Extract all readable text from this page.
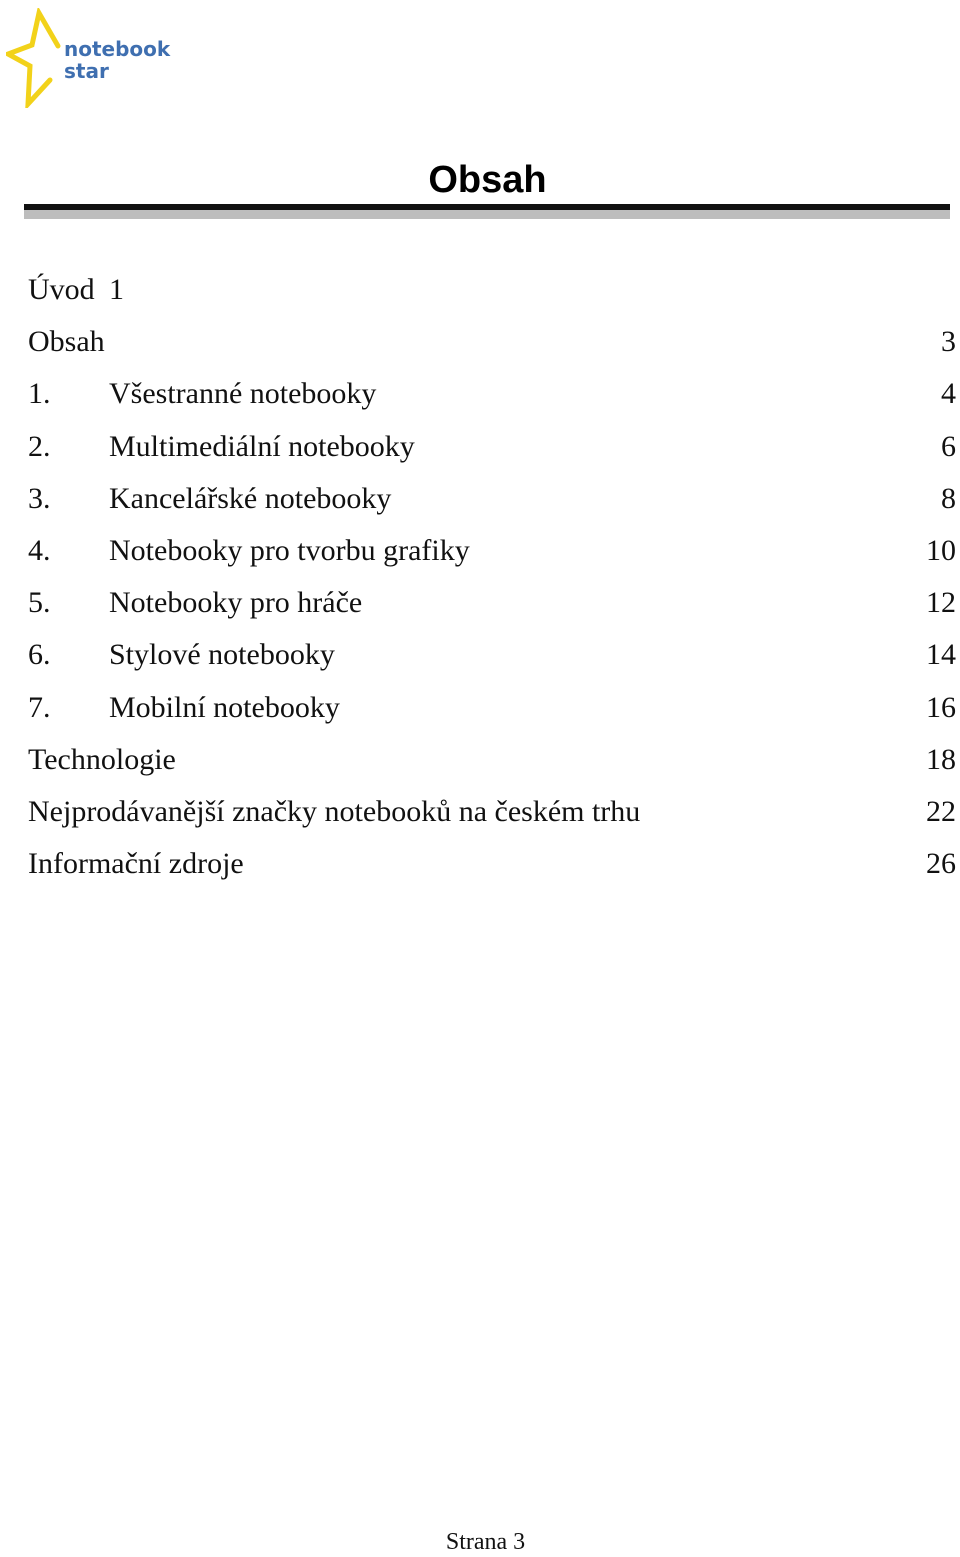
notebook
star
Obsah
Úvod 1
Obsah	3
1. Všestranné notebooky	4
2. Multimediální notebooky	6
3. Kancelářské notebooky	8
4. Notebooky pro tvorbu grafiky	10
5. Notebooky pro hráče	12
6. Stylové notebooky	14
7. Mobilní notebooky	16
Technologie	18
Nejprodávanější značky notebooků na českém trhu	22
Informační zdroje	26
Strana 3
